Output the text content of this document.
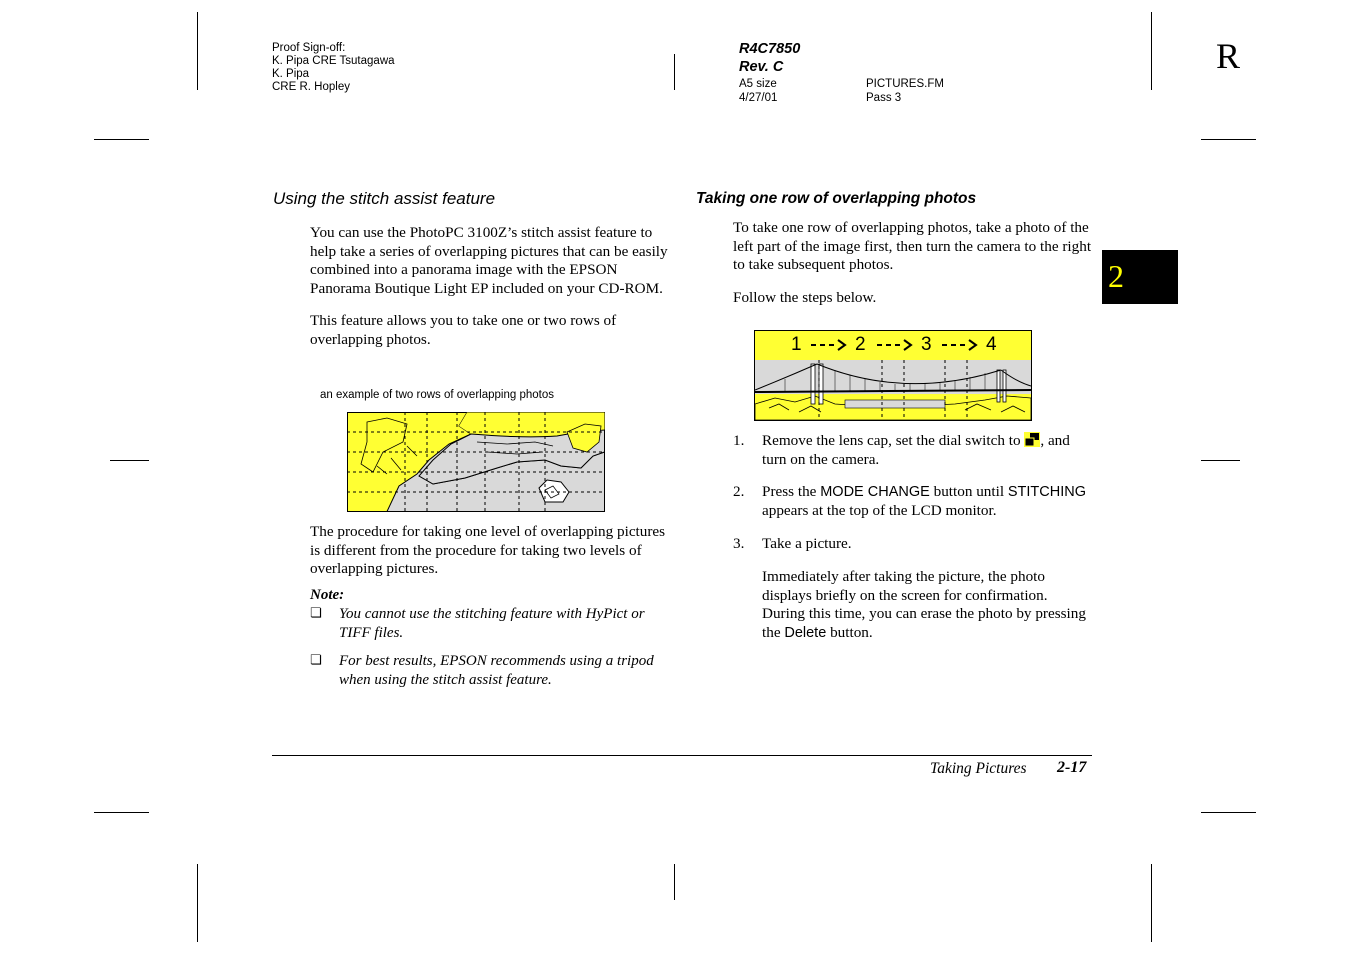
Proof Sign-off:
K. Pipa CRE Tsutagawa
K. Pipa
CRE R. Hopley
R4C7850
Rev. C
A5 size
4/27/01
PICTURES.FM
Pass 3
R
2
Using the stitch assist feature

You can use the PhotoPC 3100Z’s stitch assist feature to help take a series of overlapping pictures that can be easily combined into a panorama image with the EPSON Panorama Boutique Light EP included on your CD-ROM.

This feature allows you to take one or two rows of overlapping photos.

an example of two rows of overlapping photos
The procedure for taking one level of overlapping pictures is different from the procedure for taking two levels of overlapping pictures.
Note:
❏ You cannot use the stitching feature with HyPict or TIFF files.
❏ For best results, EPSON recommends using a tripod when using the stitch assist feature.
Taking one row of overlapping photos

To take one row of overlapping photos, take a photo of the left part of the image first, then turn the camera to the right to take subsequent photos.

Follow the steps below.

1	2	3	4
1. Remove the lens cap, set the dial switch to , and turn on the camera.
2. Press the MODE CHANGE button until STITCHING appears at the top of the LCD monitor.
3. Take a picture.
Immediately after taking the picture, the photo displays briefly on the screen for confirmation. During this time, you can erase the photo by pressing the Delete button.
Taking Pictures 2-17
